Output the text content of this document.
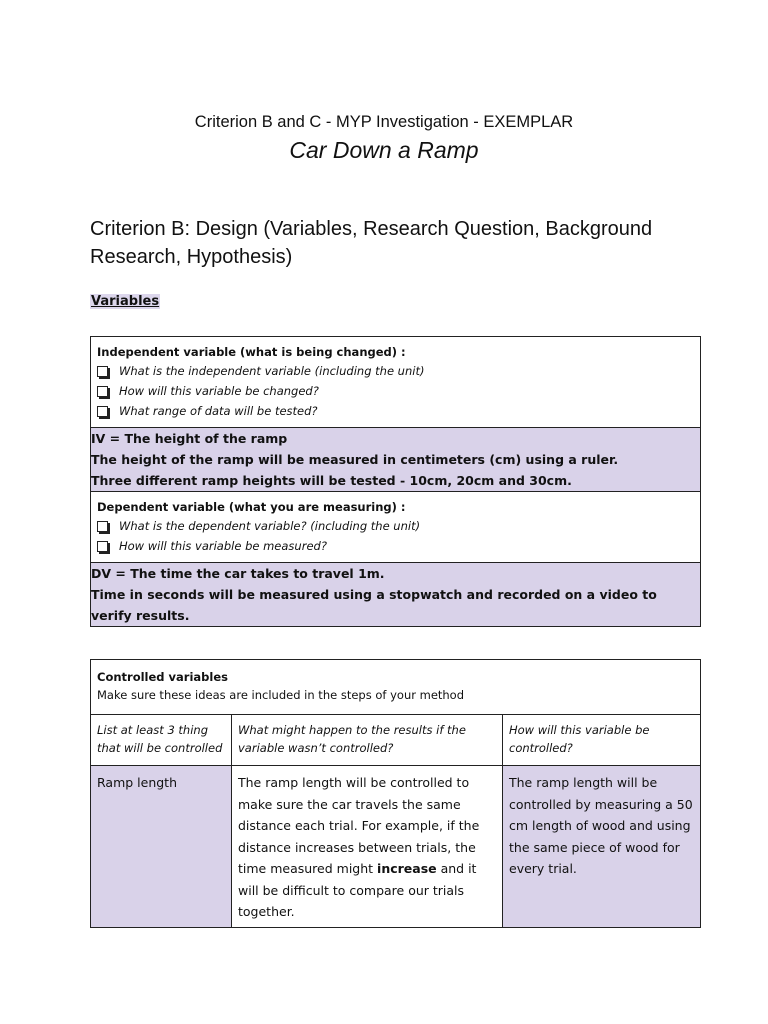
Criterion B and C - MYP Investigation - EXEMPLAR
Car Down a Ramp
Criterion B: Design (Variables, Research Question, Background Research, Hypothesis)
Variables
Independent variable (what is being changed) :
What is the independent variable (including the unit)
How will this variable be changed?
What range of data will be tested?

IV = The height of the ramp
The height of the ramp will be measured in centimeters (cm) using a ruler.
Three different ramp heights will be tested - 10cm, 20cm and 30cm.

Dependent variable (what you are measuring) :
What is the dependent variable? (including the unit)
How will this variable be measured?

DV = The time the car takes to travel 1m.
Time in seconds will be measured using a stopwatch and recorded on a video to verify results.
Controlled variables
Make sure these ideas are included in the steps of your method		

List at least 3 thing that will be controlled	What might happen to the results if the variable wasn’t controlled?	How will this variable be controlled?
Ramp length	The ramp length will be controlled to make sure the car travels the same distance each trial. For example, if the distance increases between trials, the time measured might increase and it will be difficult to compare our trials together.	The ramp length will be controlled by measuring a 50 cm length of wood and using the same piece of wood for every trial.
